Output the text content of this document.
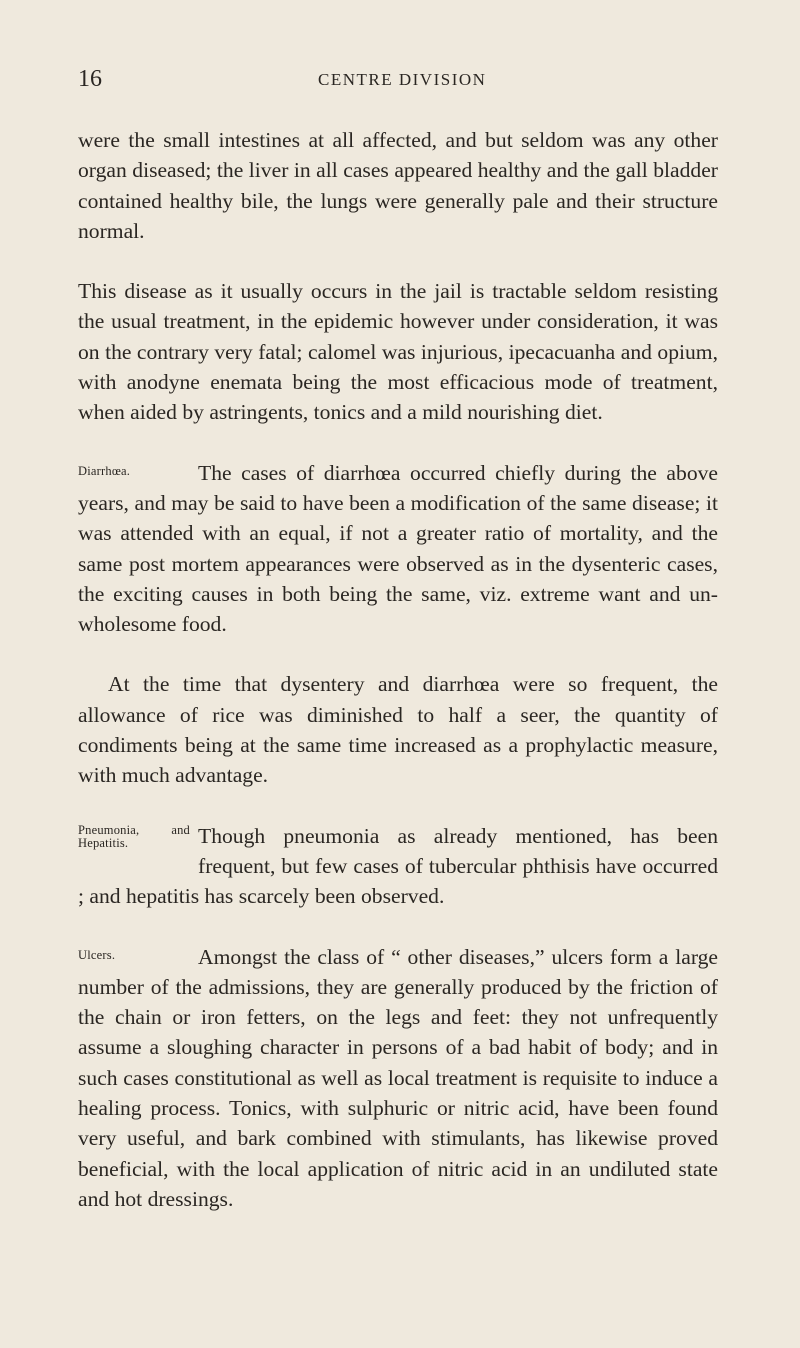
16	CENTRE DIVISION

were the small intestines at all affected, and but seldom was any other organ diseased; the liver in all cases appeared healthy and the gall bladder contained healthy bile, the lungs were generally pale and their structure normal.

This disease as it usually occurs in the jail is tractable seldom resisting the usual treatment, in the epidemic however under consideration, it was on the contrary very fatal; calomel was injurious, ipecacuanha and opium, with anodyne enemata being the most efficacious mode of treatment, when aided by astringents, tonics and a mild nourishing diet.

Diarrhœa.	The cases of diarrhœa occurred chiefly during the above years, and may be said to have been a modification of the same disease; it was attended with an equal, if not a greater ratio of mortality, and the same post mortem appearances were observed as in the dysenteric cases, the exciting causes in both being the same, viz. extreme want and unwholesome food.

At the time that dysentery and diarrhœa were so frequent, the allowance of rice was diminished to half a seer, the quantity of condiments being at the same time increased as a prophylactic measure, with much advantage.

Pneumonia, and Hepatitis.	Though pneumonia as already mentioned, has been frequent, but few cases of tubercular phthisis have occurred ; and hepatitis has scarcely been observed.

Ulcers.	Amongst the class of “ other diseases,” ulcers form a large number of the admissions, they are generally produced by the friction of the chain or iron fetters, on the legs and feet: they not unfrequently assume a sloughing character in persons of a bad habit of body; and in such cases constitutional as well as local treatment is requisite to induce a healing process. Tonics, with sulphuric or nitric acid, have been found very useful, and bark combined with stimulants, has likewise proved beneficial, with the local application of nitric acid in an undiluted state and hot dressings.
